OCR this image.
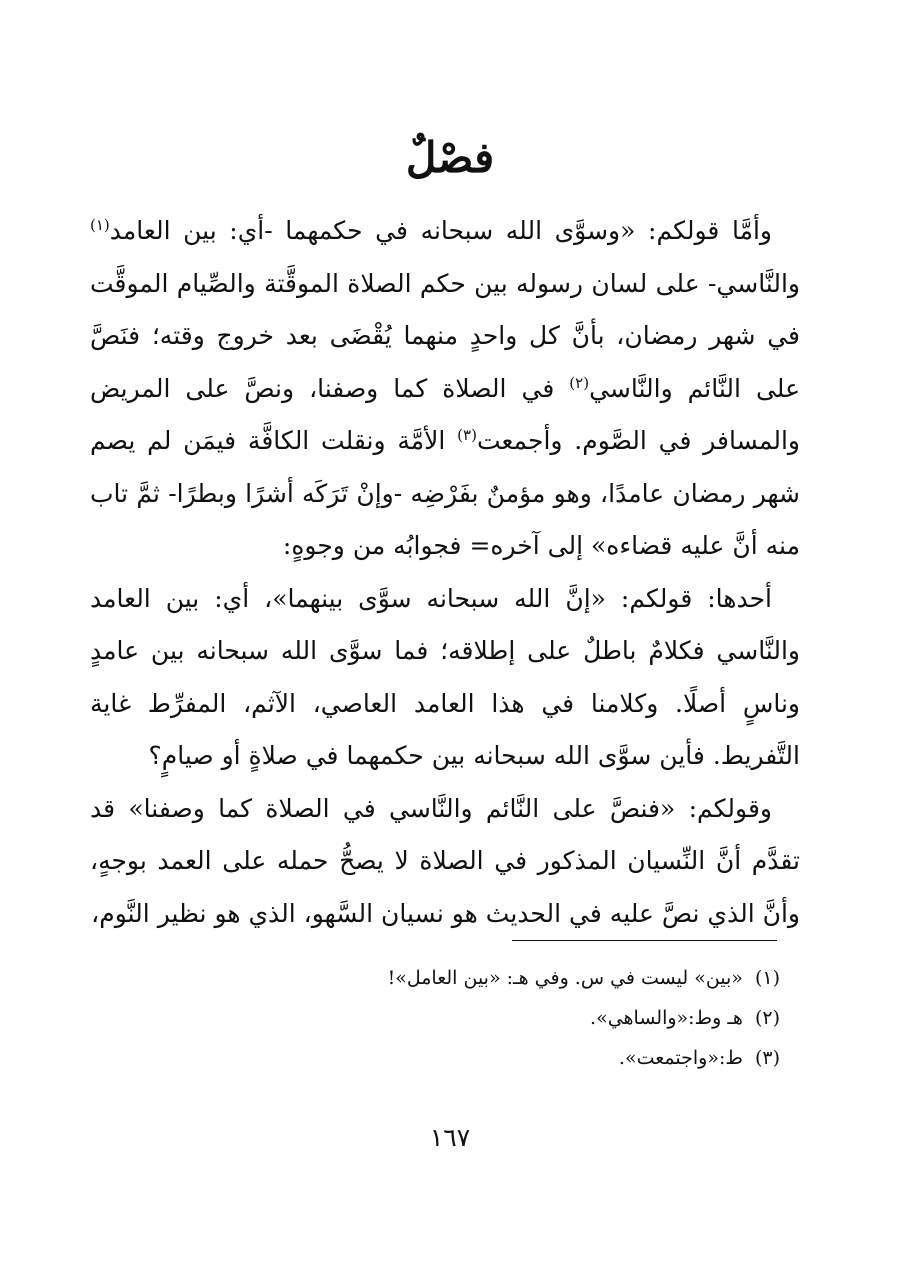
فصْلٌ

وأمَّا قولكم: «وسوَّى الله سبحانه في حكمهما -أي: بين العامد$^{(١)}$ والنَّاسي- على لسان رسوله بين حكم الصلاة الموقَّتة والصِّيام الموقَّت في شهر رمضان، بأنَّ كل واحدٍ منهما يُقْضَى بعد خروج وقته؛ فنَصَّ على النَّائم والنَّاسي$^{(٢)}$ في الصلاة كما وصفنا، ونصَّ على المريض والمسافر في الصَّوم. وأجمعت$^{(٣)}$ الأمَّة ونقلت الكافَّة فيمَن لم يصم شهر رمضان عامدًا، وهو مؤمنٌ بفَرْضِه -وإنْ تَرَكَه أشرًا وبطرًا- ثمَّ تاب منه أنَّ عليه قضاءه» إلى آخره= فجوابُه من وجوهٍ:

أحدها: قولكم: «إنَّ الله سبحانه سوَّى بينهما»، أي: بين العامد والنَّاسي فكلامٌ باطلٌ على إطلاقه؛ فما سوَّى الله سبحانه بين عامدٍ وناسٍ أصلًا. وكلامنا في هذا العامد العاصي، الآثم، المفرِّط غاية التَّفريط. فأين سوَّى الله سبحانه بين حكمهما في صلاةٍ أو صيامٍ؟

وقولكم: «فنصَّ على النَّائم والنَّاسي في الصلاة كما وصفنا» قد تقدَّم أنَّ النِّسيان المذكور في الصلاة لا يصحُّ حمله على العمد بوجهٍ، وأنَّ الذي نصَّ عليه في الحديث هو نسيان السَّهو، الذي هو نظير النَّوم،

(١)«بين» ليست في س. وفي هـ: «بين العامل»!
(٢)هـ وط:«والساهي».
(٣)ط:«واجتمعت».
١٦٧
